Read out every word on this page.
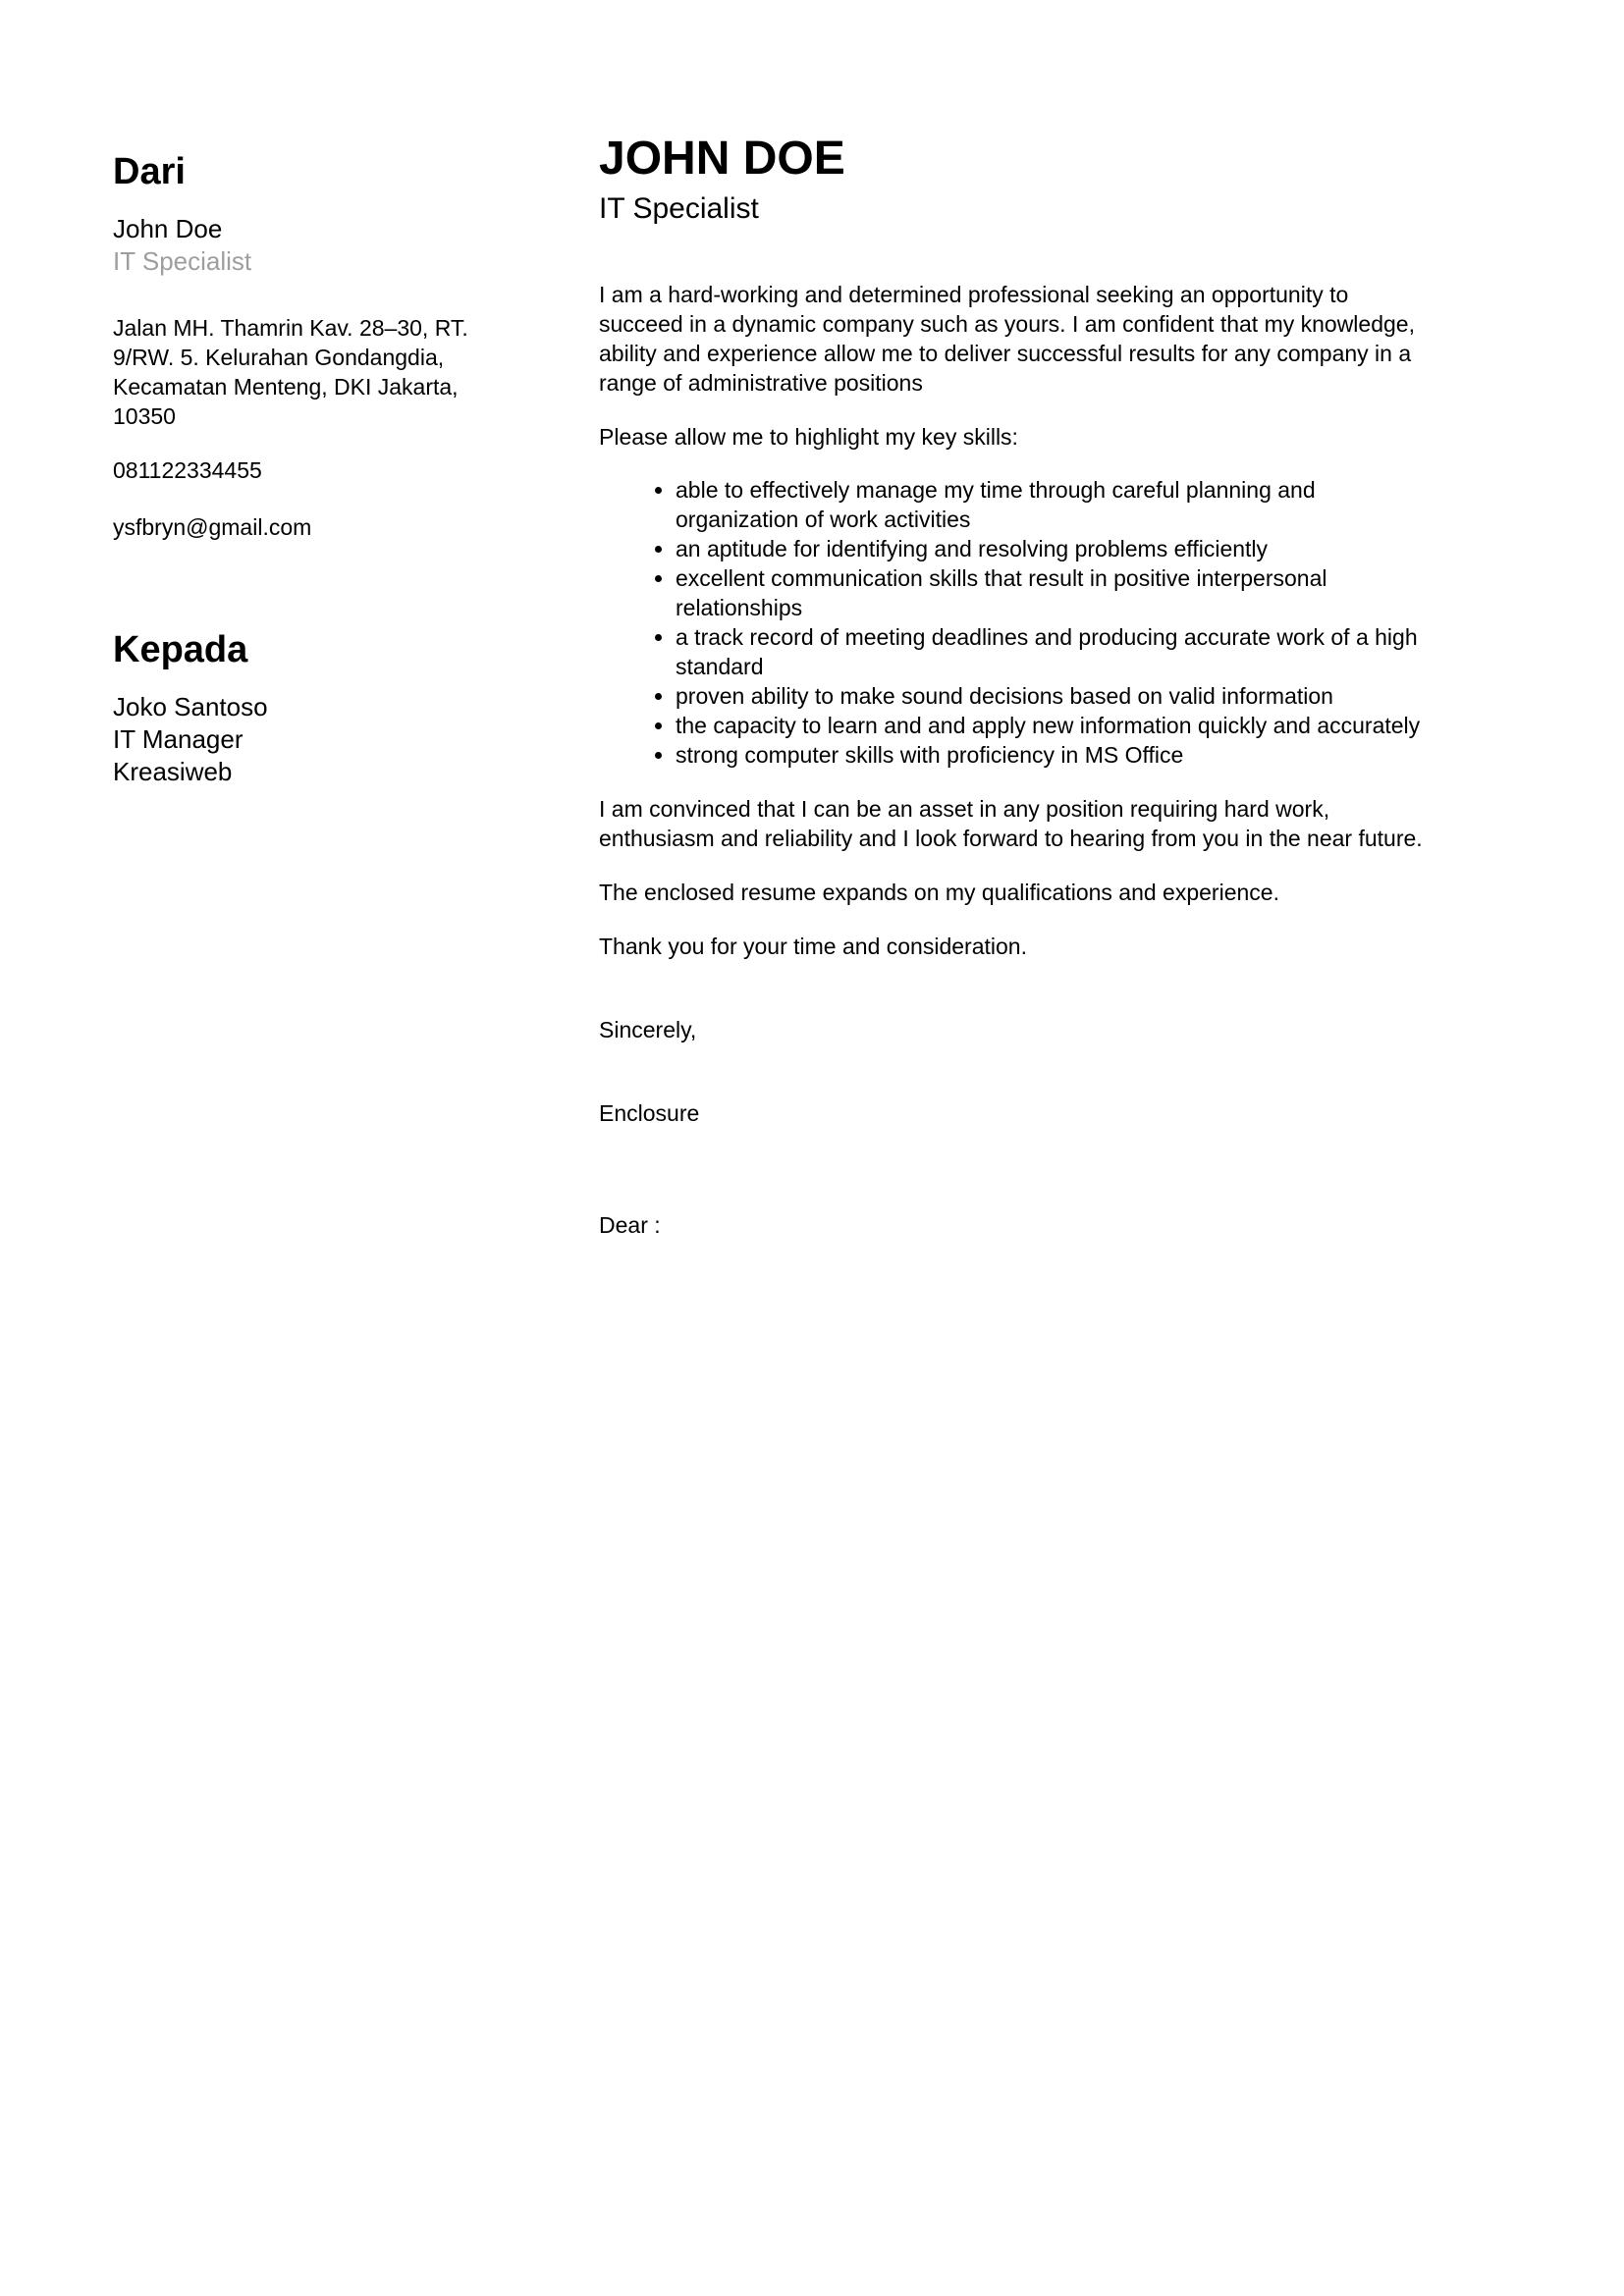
Dari
John Doe
IT Specialist
Jalan MH. Thamrin Kav. 28–30, RT.
9/RW. 5. Kelurahan Gondangdia,
Kecamatan Menteng, DKI Jakarta,
10350
081122334455
ysfbryn@gmail.com
Kepada
Joko Santoso
IT Manager
Kreasiweb
JOHN DOE
IT Specialist

I am a hard-working and determined professional seeking an opportunity to succeed in a dynamic company such as yours. I am confident that my knowledge, ability and experience allow me to deliver successful results for any company in a range of administrative positions

Please allow me to highlight my key skills:

• able to effectively manage my time through careful planning and organization of work activities
• an aptitude for identifying and resolving problems efficiently
• excellent communication skills that result in positive interpersonal relationships
• a track record of meeting deadlines and producing accurate work of a high standard
• proven ability to make sound decisions based on valid information
• the capacity to learn and and apply new information quickly and accurately
• strong computer skills with proficiency in MS Office

I am convinced that I can be an asset in any position requiring hard work, enthusiasm and reliability and I look forward to hearing from you in the near future.

The enclosed resume expands on my qualifications and experience.

Thank you for your time and consideration.

Sincerely,

Enclosure

Dear :
